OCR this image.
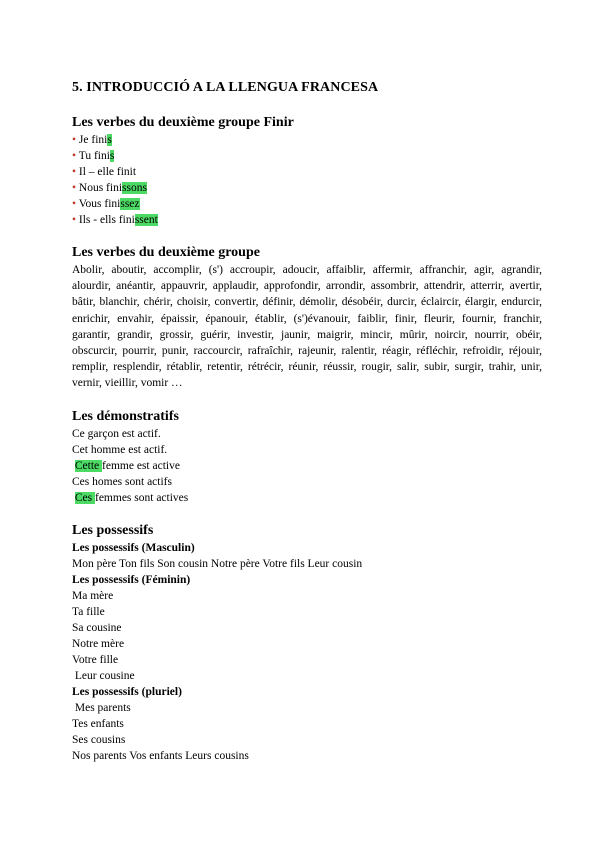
5. INTRODUCCIÓ A LA LLENGUA FRANCESA
Les verbes du deuxième groupe Finir
• Je finis
• Tu finis
• Il – elle finit
• Nous finissons
• Vous finissez
• Ils - ells finissent
Les verbes du deuxième groupe

Abolir, aboutir, accomplir, (s') accroupir, adoucir, affaiblir, affermir, affranchir, agir, agrandir, alourdir, anéantir, appauvrir, applaudir, approfondir, arrondir, assombrir, attendrir, atterrir, avertir, bâtir, blanchir, chérir, choisir, convertir, définir, démolir, désobéir, durcir, éclaircir, élargir, endurcir, enrichir, envahir, épaissir, épanouir, établir, (s')évanouir, faiblir, finir, fleurir, fournir, franchir, garantir, grandir, grossir, guérir, investir, jaunir, maigrir, mincir, mûrir, noircir, nourrir, obéir, obscurcir, pourrir, punir, raccourcir, rafraîchir, rajeunir, ralentir, réagir, réfléchir, refroidir, réjouir, remplir, resplendir, rétablir, retentir, rétrécir, réunir, réussir, rougir, salir, subir, surgir, trahir, unir, vernir, vieillir, vomir …

Les démonstratifs
Ce garçon est actif.
Cet homme est actif.
Cette femme est active
Ces homes sont actifs
Ces femmes sont actives
Les possessifs
Les possessifs (Masculin)
Mon père Ton fils Son cousin Notre père Votre fils Leur cousin
Les possessifs (Féminin)
Ma mère
Ta fille
Sa cousine
Notre mère
Votre fille
Leur cousine
Les possessifs (pluriel)
Mes parents
Tes enfants
Ses cousins
Nos parents Vos enfants Leurs cousins
